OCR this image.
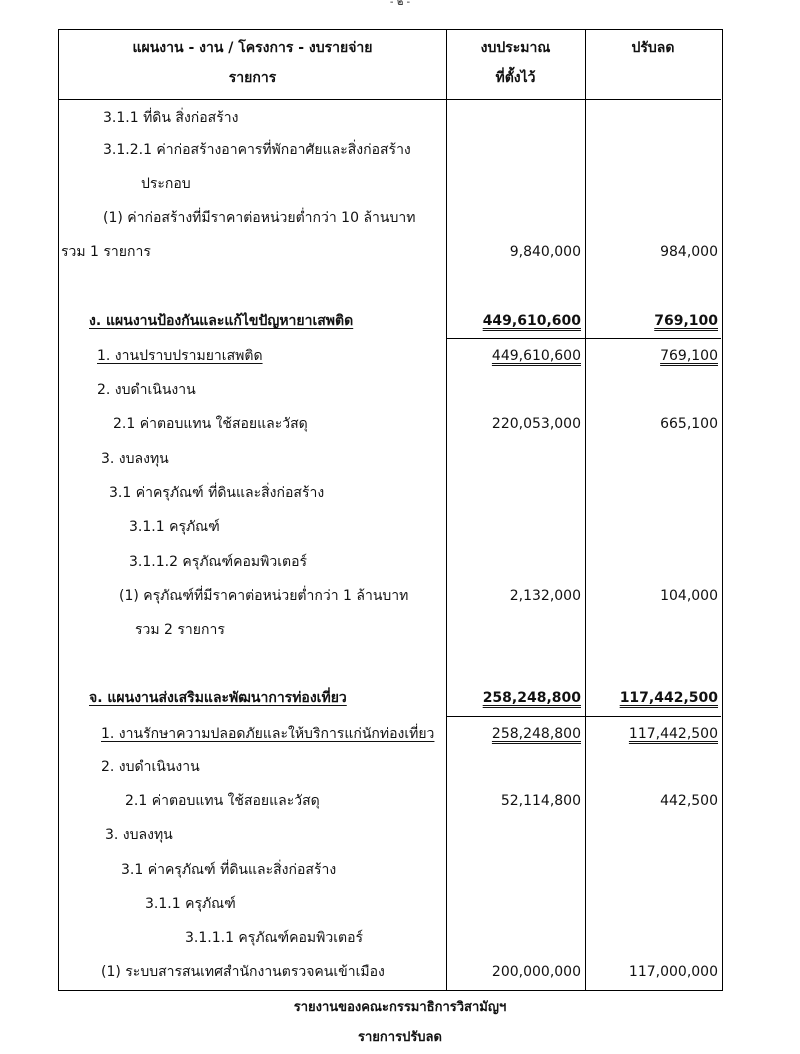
- ๒ -
แผนงาน - งาน / โครงการ - งบรายจ่าย
รายการ
งบประมาณ
ที่ตั้งไว้
ปรับลด
3.1.1 ที่ดิน สิ่งก่อสร้าง
3.1.2.1 ค่าก่อสร้างอาคารที่พักอาศัยและสิ่งก่อสร้าง
ประกอบ
(1) ค่าก่อสร้างที่มีราคาต่อหน่วยต่ำกว่า 10 ล้านบาท
รวม 1 รายการ	9,840,000	984,000
ง. แผนงานป้องกันและแก้ไขปัญหายาเสพติด	449,610,600	769,100
1. งานปราบปรามยาเสพติด	449,610,600	769,100
2. งบดำเนินงาน
2.1 ค่าตอบแทน ใช้สอยและวัสดุ	220,053,000	665,100
3. งบลงทุน
3.1 ค่าครุภัณฑ์ ที่ดินและสิ่งก่อสร้าง
3.1.1 ครุภัณฑ์
3.1.1.2 ครุภัณฑ์คอมพิวเตอร์
(1) ครุภัณฑ์ที่มีราคาต่อหน่วยต่ำกว่า 1 ล้านบาท	2,132,000	104,000
รวม 2 รายการ
จ. แผนงานส่งเสริมและพัฒนาการท่องเที่ยว	258,248,800	117,442,500
1. งานรักษาความปลอดภัยและให้บริการแก่นักท่องเที่ยว	258,248,800	117,442,500
2. งบดำเนินงาน
2.1 ค่าตอบแทน ใช้สอยและวัสดุ	52,114,800	442,500
3. งบลงทุน
3.1 ค่าครุภัณฑ์ ที่ดินและสิ่งก่อสร้าง
3.1.1 ครุภัณฑ์
3.1.1.1 ครุภัณฑ์คอมพิวเตอร์
(1) ระบบสารสนเทศสำนักงานตรวจคนเข้าเมือง	200,000,000	117,000,000
รายงานของคณะกรรมาธิการวิสามัญฯ
รายการปรับลด
